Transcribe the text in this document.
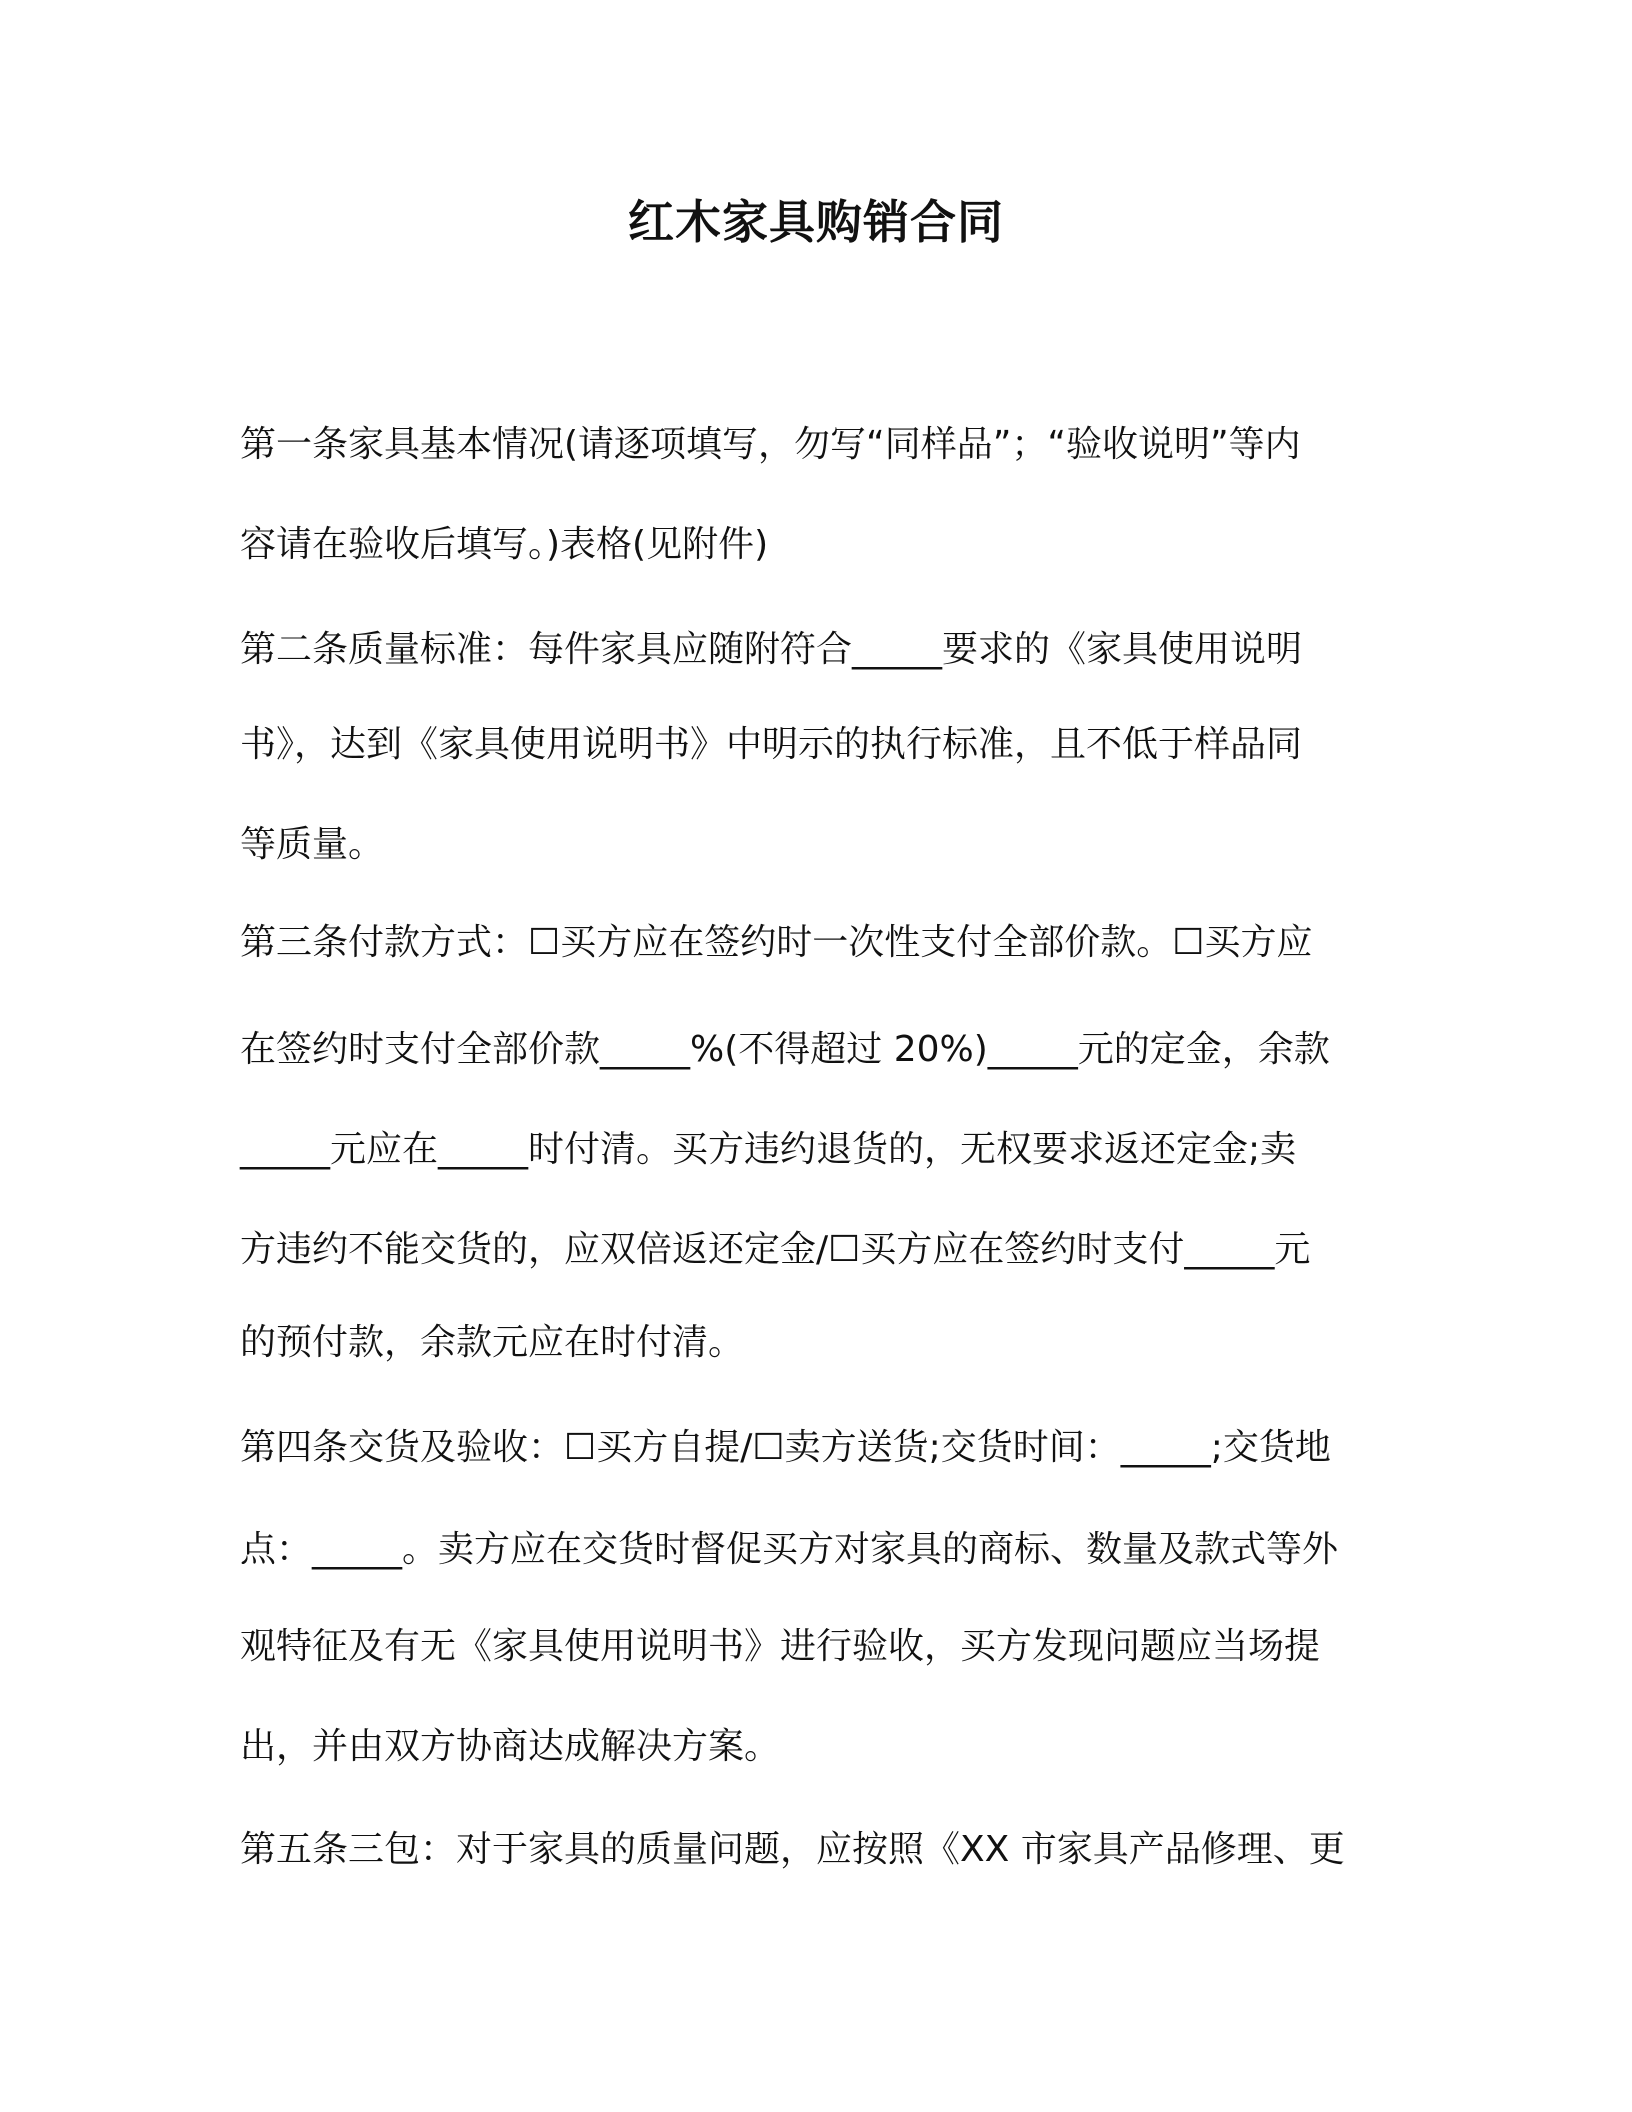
红木家具购销合同
第一条家具基本情况(请逐项填写，勿写“同样品”；“验收说明”等内
容请在验收后填写。)表格(见附件)
第二条质量标准：每件家具应随附符合_____要求的《家具使用说明
书》，达到《家具使用说明书》中明示的执行标准，且不低于样品同
等质量。
第三条付款方式：☐买方应在签约时一次性支付全部价款。☐买方应
在签约时支付全部价款_____%(不得超过 20%)_____元的定金，余款
_____元应在_____时付清。买方违约退货的，无权要求返还定金;卖
方违约不能交货的，应双倍返还定金/☐买方应在签约时支付_____元
的预付款，余款元应在时付清。
第四条交货及验收：☐买方自提/☐卖方送货;交货时间：_____;交货地
点：_____。卖方应在交货时督促买方对家具的商标、数量及款式等外
观特征及有无《家具使用说明书》进行验收，买方发现问题应当场提
出，并由双方协商达成解决方案。
第五条三包：对于家具的质量问题，应按照《XX 市家具产品修理、更
